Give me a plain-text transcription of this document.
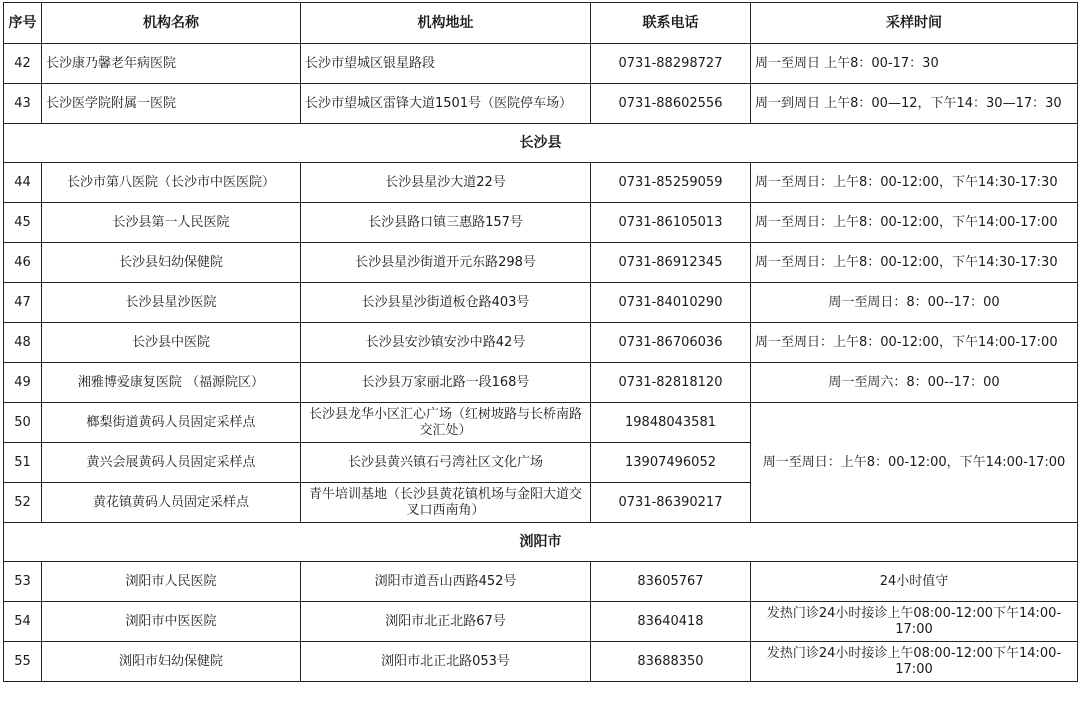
序号	机构名称	机构地址	联系电话	采样时间
42	长沙康乃馨老年病医院	长沙市望城区银星路段	0731-88298727	周一至周日 上午8：00-17：30
43	长沙医学院附属一医院	长沙市望城区雷锋大道1501号（医院停车场）	0731-88602556	周一到周日 上午8：00—12，下午14：30—17：30
长沙县				
44	长沙市第八医院（长沙市中医医院）	长沙县星沙大道22号	0731-85259059	周一至周日：上午8：00-12:00，下午14:30-17:30
45	长沙县第一人民医院	长沙县路口镇三惠路157号	0731-86105013	周一至周日：上午8：00-12:00，下午14:00-17:00
46	长沙县妇幼保健院	长沙县星沙街道开元东路298号	0731-86912345	周一至周日：上午8：00-12:00，下午14:30-17:30
47	长沙县星沙医院	长沙县星沙街道板仓路403号	0731-84010290	周一至周日：8：00--17：00
48	长沙县中医院	长沙县安沙镇安沙中路42号	0731-86706036	周一至周日：上午8：00-12:00，下午14:00-17:00
49	湘雅博爱康复医院 （福源院区）	长沙县万家丽北路一段168号	0731-82818120	周一至周六：8：00--17：00
50	榔梨街道黄码人员固定采样点	长沙县龙华小区汇心广场（红树坡路与长桥南路交汇处）	19848043581	周一至周日：上午8：00-12:00，下午14:00-17:00
51	黄兴会展黄码人员固定采样点	长沙县黄兴镇石弓湾社区文化广场	13907496052	
52	黄花镇黄码人员固定采样点	青牛培训基地（长沙县黄花镇机场与金阳大道交叉口西南角）	0731-86390217	
浏阳市				
53	浏阳市人民医院	浏阳市道吾山西路452号	83605767	24小时值守
54	浏阳市中医医院	浏阳市北正北路67号	83640418	发热门诊24小时接诊上午08:00-12:00下午14:00-17:00
55	浏阳市妇幼保健院	浏阳市北正北路053号	83688350	发热门诊24小时接诊上午08:00-12:00下午14:00-17:00
